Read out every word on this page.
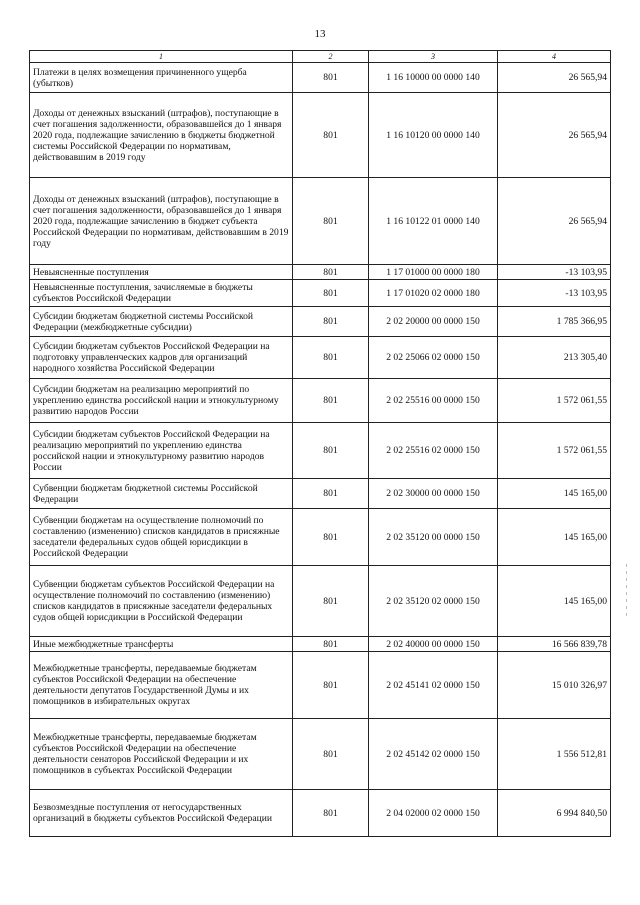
13
1	2	3	4
Платежи в целях возмещения причиненного ущерба (убытков)	801	1 16 10000 00 0000 140	26 565,94
Доходы от денежных взысканий (штрафов), поступающие в счет погашения задолженности, образовавшейся до 1 января 2020 года, подлежащие зачислению в бюджеты бюджетной системы Российской Федерации по нормативам, действовавшим в 2019 году	801	1 16 10120 00 0000 140	26 565,94
Доходы от денежных взысканий (штрафов), поступающие в счет погашения задолженности, образовавшейся до 1 января 2020 года, подлежащие зачислению в бюджет субъекта Российской Федерации по нормативам, действовавшим в 2019 году	801	1 16 10122 01 0000 140	26 565,94
Невыясненные поступления	801	1 17 01000 00 0000 180	-13 103,95
Невыясненные поступления, зачисляемые в бюджеты субъектов Российской Федерации	801	1 17 01020 02 0000 180	-13 103,95
Субсидии бюджетам бюджетной системы Российской Федерации (межбюджетные субсидии)	801	2 02 20000 00 0000 150	1 785 366,95
Субсидии бюджетам субъектов Российской Федерации на подготовку управленческих кадров для организаций народного хозяйства Российской Федерации	801	2 02 25066 02 0000 150	213 305,40
Субсидии бюджетам на реализацию мероприятий по укреплению единства российской нации и этнокультурному развитию народов России	801	2 02 25516 00 0000 150	1 572 061,55
Субсидии бюджетам субъектов Российской Федерации на реализацию мероприятий по укреплению единства российской нации и этнокультурному развитию народов России	801	2 02 25516 02 0000 150	1 572 061,55
Субвенции бюджетам бюджетной системы Российской Федерации	801	2 02 30000 00 0000 150	145 165,00
Субвенции бюджетам на осуществление полномочий по составлению (изменению) списков кандидатов в присяжные заседатели федеральных судов общей юрисдикции в Российской Федерации	801	2 02 35120 00 0000 150	145 165,00
Субвенции бюджетам субъектов Российской Федерации на осуществление полномочий по составлению (изменению) списков кандидатов в присяжные заседатели федеральных судов общей юрисдикции в Российской Федерации	801	2 02 35120 02 0000 150	145 165,00
Иные межбюджетные трансферты	801	2 02 40000 00 0000 150	16 566 839,78
Межбюджетные трансферты, передаваемые бюджетам субъектов Российской Федерации на обеспечение деятельности депутатов Государственной Думы и их помощников в избирательных округах	801	2 02 45141 02 0000 150	15 010 326,97
Межбюджетные трансферты, передаваемые бюджетам субъектов Российской Федерации на обеспечение деятельности сенаторов Российской Федерации и их помощников в субъектах Российской Федерации	801	2 02 45142 02 0000 150	1 556 512,81
Безвозмездные поступления от негосударственных организаций в бюджеты субъектов Российской Федерации	801	2 04 02000 02 0000 150	6 994 840,50
